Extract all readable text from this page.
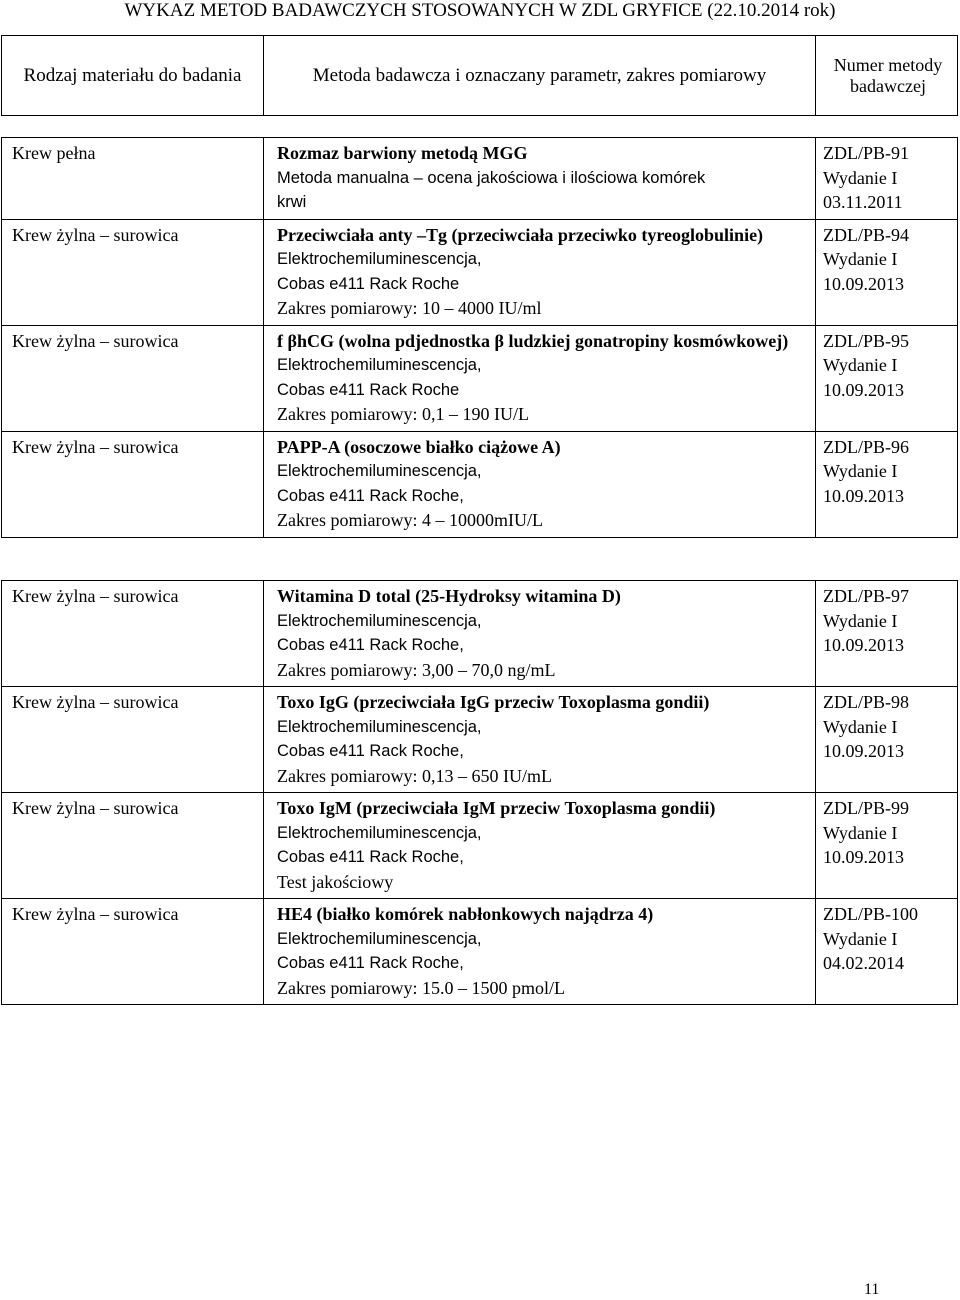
WYKAZ METOD BADAWCZYCH STOSOWANYCH W ZDL GRYFICE (22.10.2014 rok)
Rodzaj materiału do badania	Metoda badawcza i oznaczany parametr, zakres pomiarowy	Numer metody badawczej
Krew pełna	Rozmaz barwiony metodą MGG
Metoda manualna – ocena jakościowa i ilościowa komórek
krwi	ZDL/PB-91
Wydanie I
03.11.2011

Krew żylna – surowica	Przeciwciała anty –Tg (przeciwciała przeciwko tyreoglobulinie)
Elektrochemiluminescencja,
Cobas e411 Rack Roche
Zakres pomiarowy: 10 – 4000 IU/ml	ZDL/PB-94
Wydanie I
10.09.2013

Krew żylna – surowica	f βhCG (wolna pdjednostka β ludzkiej gonatropiny kosmówkowej)
Elektrochemiluminescencja,
Cobas e411 Rack Roche
Zakres pomiarowy: 0,1 – 190 IU/L	ZDL/PB-95
Wydanie I
10.09.2013

Krew żylna – surowica	PAPP-A (osoczowe białko ciążowe A)
Elektrochemiluminescencja,
Cobas e411 Rack Roche,
Zakres pomiarowy: 4 – 10000mIU/L	ZDL/PB-96
Wydanie I
10.09.2013
Krew żylna – surowica	Witamina D total (25-Hydroksy witamina D)
Elektrochemiluminescencja,
Cobas e411 Rack Roche,
Zakres pomiarowy: 3,00 – 70,0 ng/mL	ZDL/PB-97
Wydanie I
10.09.2013

Krew żylna – surowica	Toxo IgG (przeciwciała IgG przeciw Toxoplasma gondii)
Elektrochemiluminescencja,
Cobas e411 Rack Roche,
Zakres pomiarowy: 0,13 – 650 IU/mL	ZDL/PB-98
Wydanie I
10.09.2013

Krew żylna – surowica	Toxo IgM (przeciwciała IgM przeciw Toxoplasma gondii)
Elektrochemiluminescencja,
Cobas e411 Rack Roche,
Test jakościowy	ZDL/PB-99
Wydanie I
10.09.2013

Krew żylna – surowica	HE4 (białko komórek nabłonkowych najądrza 4)
Elektrochemiluminescencja,
Cobas e411 Rack Roche,
Zakres pomiarowy: 15.0 – 1500 pmol/L	ZDL/PB-100
Wydanie I
04.02.2014
11
